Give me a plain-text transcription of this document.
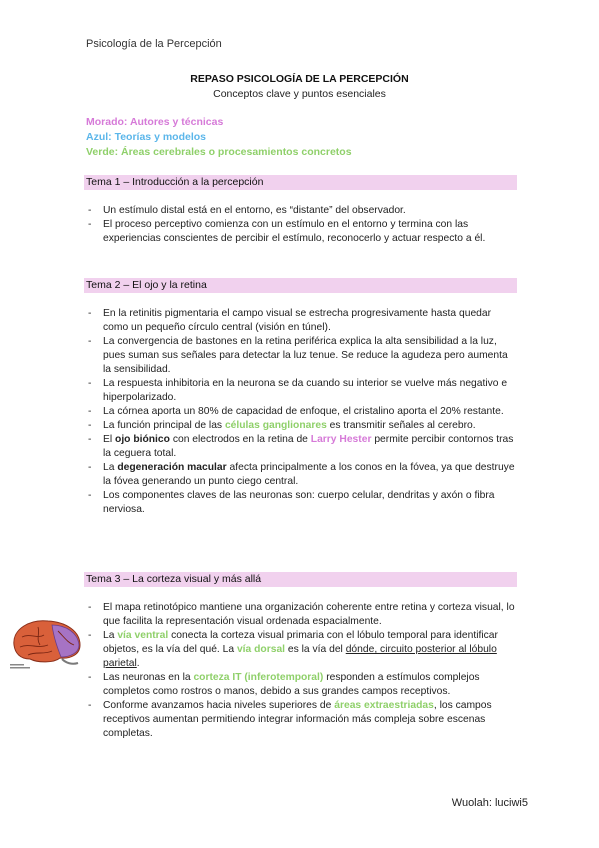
Psicología de la Percepción
REPASO PSICOLOGÍA DE LA PERCEPCIÓN
Conceptos clave y puntos esenciales
Morado: Autores y técnicas
Azul: Teorías y modelos
Verde: Áreas cerebrales o procesamientos concretos
Tema 1 – Introducción a la percepción
- Un estímulo distal está en el entorno, es “distante” del observador.
- El proceso perceptivo comienza con un estímulo en el entorno y termina con las experiencias conscientes de percibir el estímulo, reconocerlo y actuar respecto a él.
Tema 2 – El ojo y la retina
- En la retinitis pigmentaria el campo visual se estrecha progresivamente hasta quedar como un pequeño círculo central (visión en túnel).
- La convergencia de bastones en la retina periférica explica la alta sensibilidad a la luz, pues suman sus señales para detectar la luz tenue. Se reduce la agudeza pero aumenta la sensibilidad.
- La respuesta inhibitoria en la neurona se da cuando su interior se vuelve más negativo e hiperpolarizado.
- La córnea aporta un 80% de capacidad de enfoque, el cristalino aporta el 20% restante.
- La función principal de las células ganglionares es transmitir señales al cerebro.
- El ojo biónico con electrodos en la retina de Larry Hester permite percibir contornos tras la ceguera total.
- La degeneración macular afecta principalmente a los conos en la fóvea, ya que destruye la fóvea generando un punto ciego central.
- Los componentes claves de las neuronas son: cuerpo celular, dendritas y axón o fibra nerviosa.
Tema 3 – La corteza visual y más allá
- El mapa retinotópico mantiene una organización coherente entre retina y corteza visual, lo que facilita la representación visual ordenada espacialmente.
- La vía ventral conecta la corteza visual primaria con el lóbulo temporal para identificar objetos, es la vía del qué. La vía dorsal es la vía del dónde, circuito posterior al lóbulo parietal.
- Las neuronas en la corteza IT (inferotemporal) responden a estímulos complejos completos como rostros o manos, debido a sus grandes campos receptivos.
- Conforme avanzamos hacia niveles superiores de áreas extraestriadas, los campos receptivos aumentan permitiendo integrar información más compleja sobre escenas completas.
Wuolah: luciwi5
